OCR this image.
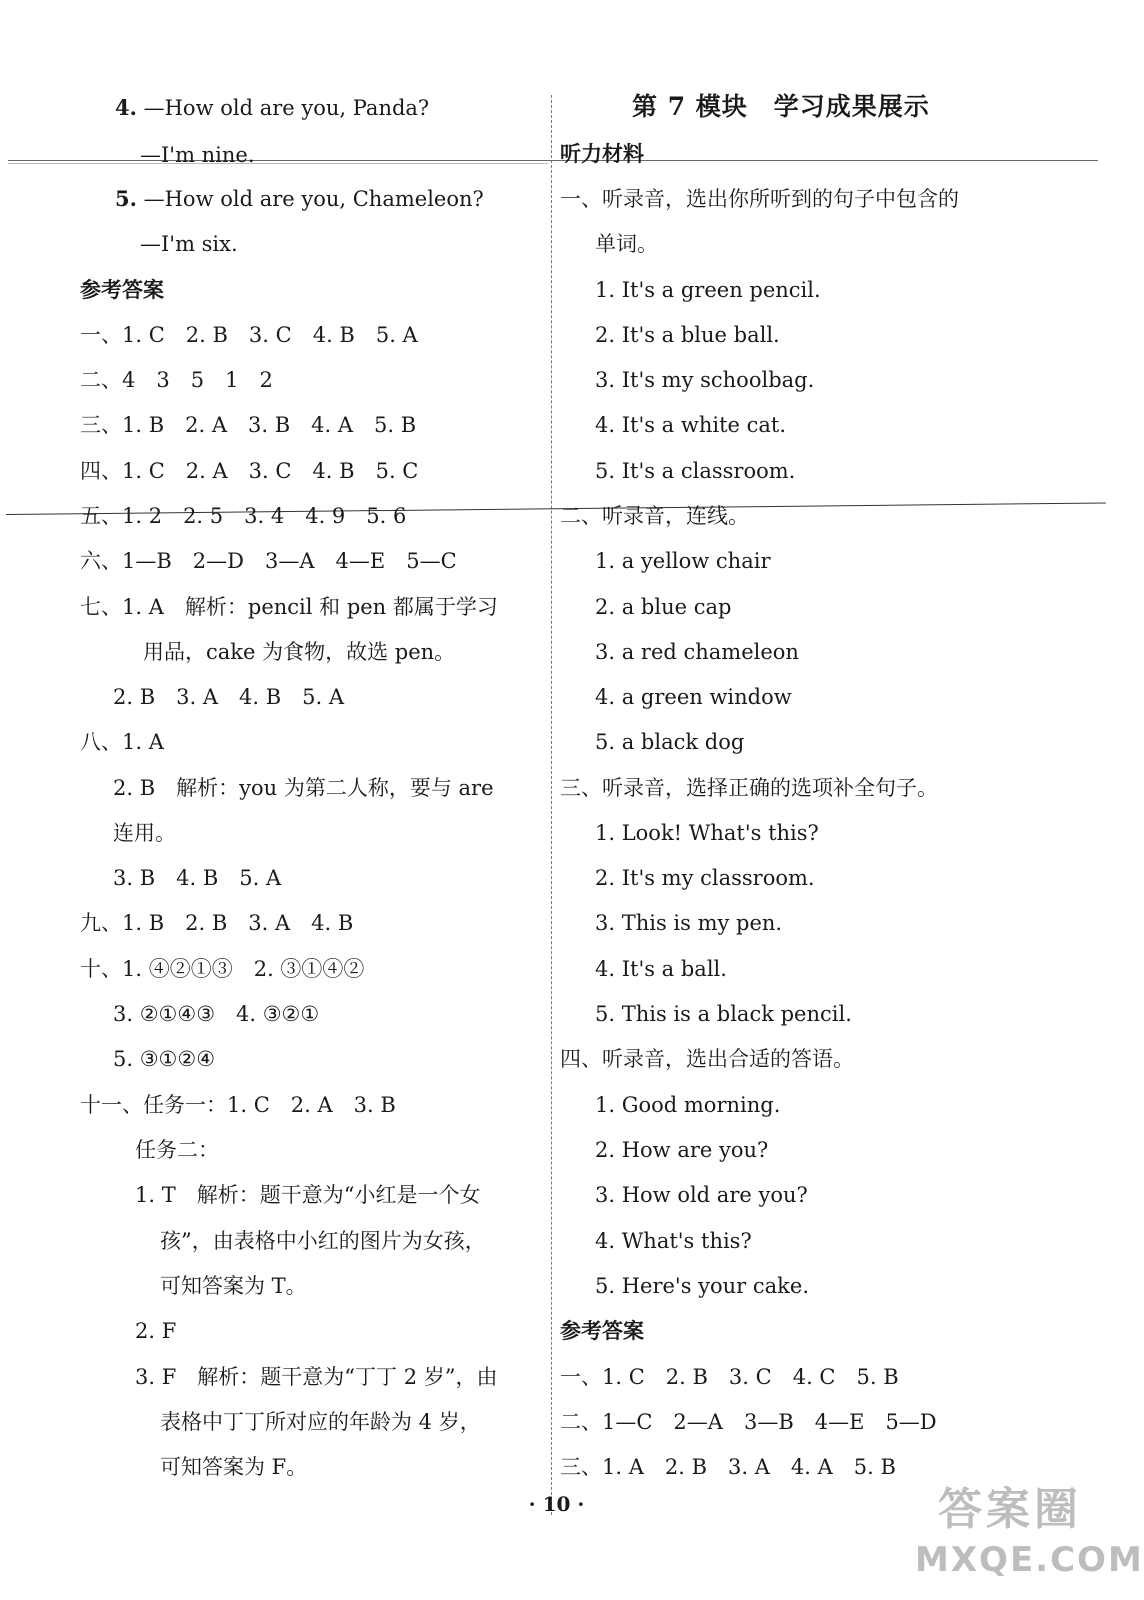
4. —How old are you, Panda?
—I'm nine.
5. —How old are you, Chameleon?
—I'm six.
参考答案
一、1. C　2. B　3. C　4. B　5. A
二、4　3　5　1　2
三、1. B　2. A　3. B　4. A　5. B
四、1. C　2. A　3. C　4. B　5. C
五、1. 2　2. 5　3. 4　4. 9　5. 6
六、1—B　2—D　3—A　4—E　5—C
七、1. A　解析：pencil 和 pen 都属于学习
用品，cake 为食物，故选 pen。
2. B　3. A　4. B　5. A
八、1. A
2. B　解析：you 为第二人称，要与 are
连用。
3. B　4. B　5. A
九、1. B　2. B　3. A　4. B
十、1. ④②①③　2. ③①④②
3. ②①④③　4. ③②①
5. ③①②④
十一、任务一：1. C　2. A　3. B
任务二：
1. T　解析：题干意为“小红是一个女
孩”，由表格中小红的图片为女孩，
可知答案为 T。
2. F
3. F　解析：题干意为“丁丁 2 岁”，由
表格中丁丁所对应的年龄为 4 岁，
可知答案为 F。
第 7 模块　学习成果展示
听力材料
一、听录音，选出你所听到的句子中包含的
单词。
1. It's a green pencil.
2. It's a blue ball.
3. It's my schoolbag.
4. It's a white cat.
5. It's a classroom.
二、听录音，连线。
1. a yellow chair
2. a blue cap
3. a red chameleon
4. a green window
5. a black dog
三、听录音，选择正确的选项补全句子。
1. Look! What's this?
2. It's my classroom.
3. This is my pen.
4. It's a ball.
5. This is a black pencil.
四、听录音，选出合适的答语。
1. Good morning.
2. How are you?
3. How old are you?
4. What's this?
5. Here's your cake.
参考答案
一、1. C　2. B　3. C　4. C　5. B
二、1—C　2—A　3—B　4—E　5—D
三、1. A　2. B　3. A　4. A　5. B
· 10 ·	答案圈
MXQE.COM
